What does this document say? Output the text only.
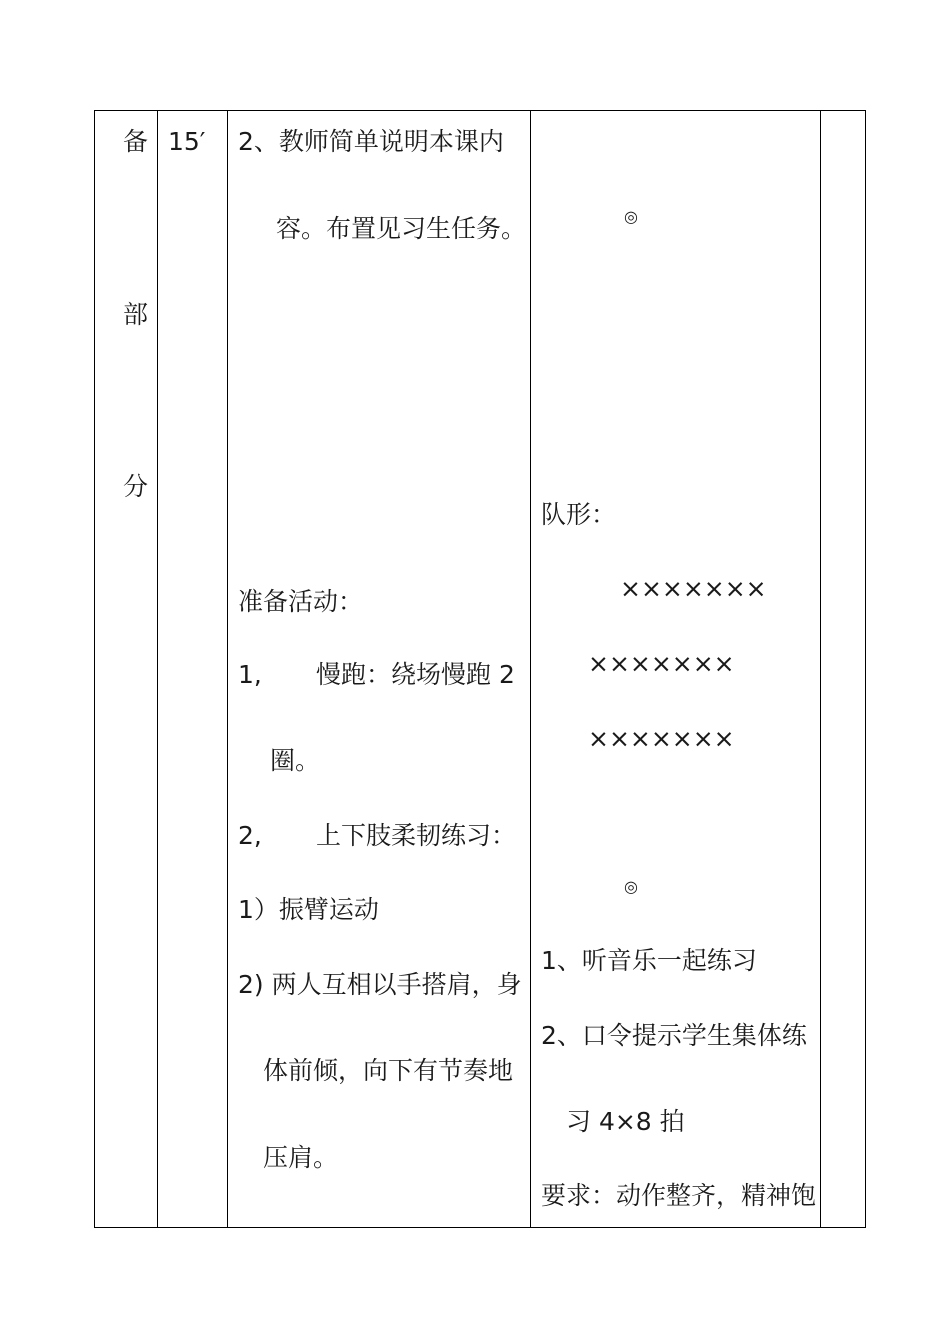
备
部
分
15′ 2、教师简单说明本课内
容。布置见习生任务。
准备活动：
1, 慢跑：绕场慢跑 2
圈。
2, 上下肢柔韧练习：
1）振臂运动
2) 两人互相以手搭肩，身
体前倾，向下有节奏地
压肩。
◎
队形：
×××××××
×××××××
×××××××
◎
1、听音乐一起练习
2、口令提示学生集体练
习 4×8 拍
要求：动作整齐，精神饱
